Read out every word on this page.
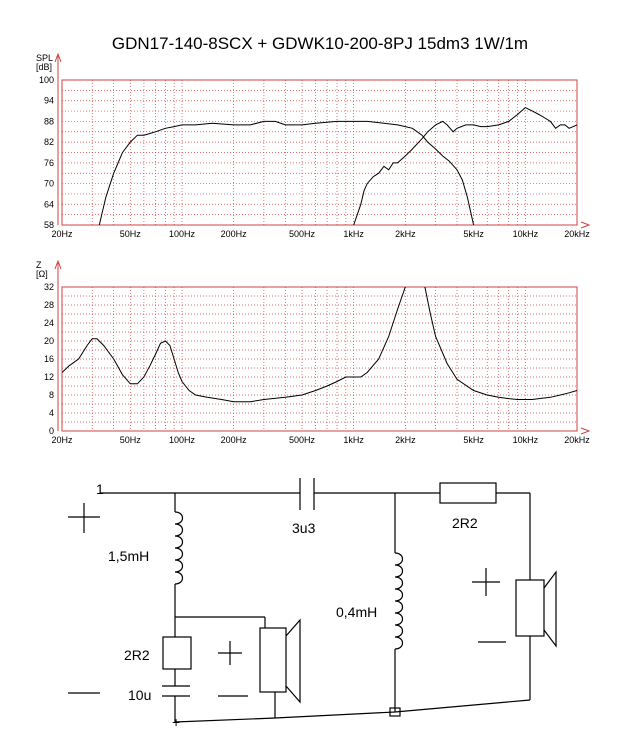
GDN17-140-8SCX + GDWK10-200-8PJ 15dm3 1W/1m
SPL
[dB]
58
64
70
76
82
88
94
100
20Hz	50Hz	100Hz	200Hz	500Hz	1kHz	2kHz	5kHz	10kHz	20kHz
Z
[Ω]
0
4
8
12
16
20
24
28
32
20Hz	50Hz	100Hz	200Hz	500Hz	1kHz	2kHz	5kHz	10kHz	20kHz
+
1
3u3	2R2
1,5mH
0,4mH
2R2
10u
